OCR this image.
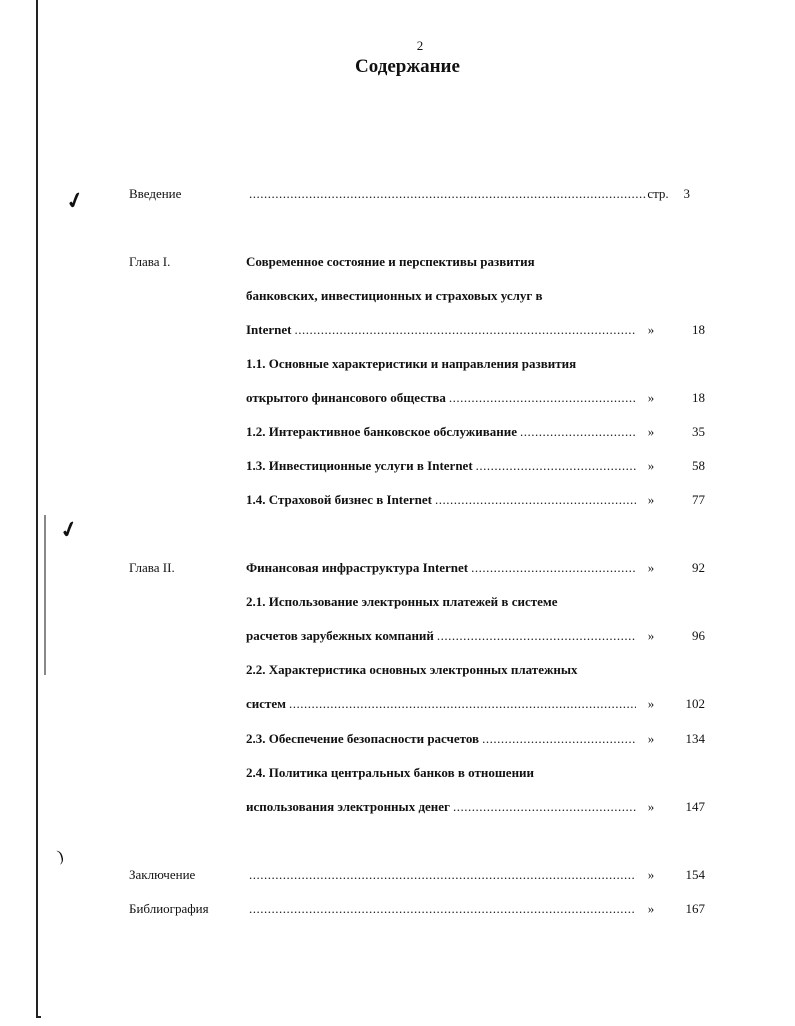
✓
✓
)
2
Содержание
Введение .....	стр.	3
Глава I.	Современное состояние и перспективы развития
банковских, инвестиционных и страховых услуг в
Internet .....	»	18
1.1. Основные характеристики и направления развития
открытого финансового общества .....	»	18
1.2. Интерактивное банковское обслуживание .....	»	35
1.3. Инвестиционные услуги в Internet .....	»	58
1.4. Страховой бизнес в Internet .....	»	77
Глава II.	Финансовая инфраструктура Internet .....	»	92
2.1. Использование электронных платежей в системе
расчетов зарубежных компаний .....	»	96
2.2. Характеристика основных электронных платежных
систем .....	»	102
2.3. Обеспечение безопасности расчетов .....	»	134
2.4. Политика центральных банков в отношении
использования электронных денег .....	»	147
Заключение .....	»	154
Библиография .....	»	167
